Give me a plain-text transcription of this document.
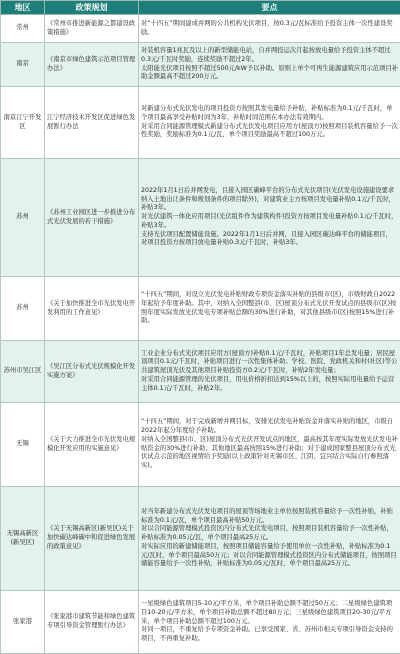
地区	政策规划	要点
常州	《常州市推进新能源之都建设政策措施》	对“十四五”期间建成并网的公共机构光伏项目，按0.3元/瓦标准给予投资主体一次性建设奖励。

南京	《南京市绿色建筑示范项目管理办法》	对装机容量1兆瓦及以上的新型储能电站，自并网投运次月起按放电量给予投资主体不超过0.3元/千瓦时奖励，连续奖励不超过2年。

太阳能光伏项目按照不超过500元/kW予以补助。原则上单个可再生能源建筑应用示范项目补助金额最高不超过200万元。

南京江宁开发区	江宁经济技术开发区促进绿色发展暂行办法	对新建分布式光伏发电的项目投资方按照其发电量给予补贴，补贴标准为0.1元/千瓦时，单个项目最高享受补贴时间为3年，补贴时间范围在本办法有效期内。

对采用合同能源管理模式新建分布式光伏发电项目应用方(屋顶方)按照项目装机容量给予一次性奖励，奖励标准为0.1元/瓦，单个项目奖励最高不超过100万元。

苏州	《苏州工业园区进一步推进分布式光伏发展的若干措施》	2022年1月1日后并网发电，且接入园区碳峰平台的分布式光伏项目(光伏发电设施建设要求纳入土地出让条件和规划条件的项目除外)，对建筑业主方按项目发电量补贴0.1元/千瓦时，补贴3年。

对光伏建筑一体化应用项目(光伏组件作为建筑构件)投资方按项目发电量补贴0.1元/千瓦时，补贴3年。

支持光伏项目配置储能设施。2022年1月1日后并网，且接入园区碳达峰平台的储能项目，对项目投资方按项目放电量补贴0.3元/千瓦时，补贴3年。

苏州	《关于加快推进全市光伏发电开发利用的工作意见》	“十四五”期间，对设立光伏发电补贴财政专项资金落实补贴的县级市(区)，市级财政自2022年起给予年度补助。其中，对纳入全国整县(市、区)屋顶分布式光伏开发试点的县级市(区)按照年度实际发放光伏发电专项补贴总额的30%进行补助，对其他县级市(区)按照15%进行补助。

苏州市吴江区	《吴江区分布式光伏规模化开发实施方案》	工业企业分布式光伏项目应用方(屋顶方)补贴0.1元/千瓦时，补贴项目1年总发电量；居民屋顶项目0.1元/千瓦时，补贴项目进行一次性集体补助；学校、医院、党政机关和村(社区)等公共建筑屋顶光伏及其他项目补贴投资方0.2元/千瓦时，补贴2年发电量；

对采用合同能源管理的光伏项目，用电价格折扣达到15%以上的，按照实际用电量给予运营主体0.1元/千瓦时，补贴2年。

无锡	《关于大力推进全市光伏发电规模化开发应用的实施意见》	“十四五”期间，对于完成新增并网目标，安排光伏发电补贴资金并落实补贴的地区，市级自2022年起分年度给予补助。

对纳入全国整县(市、区)屋顶分布式光伏开发试点的地区，最高按其年度实际发放光伏发电补贴资金的30%进行补助；其他地区最高按照15%进行补助；对于建成国家整县屋顶分布式光伏试点示范的地区视情给予奖励(以上政策针对无锡市区、江阴、宜兴结合实际自行参照落实)。

无锡高新区(新吴区)	《关于无锡高新区(新吴区)关于加快碳达峰碳中和促进绿色发展的政策意见》	对当年新建分布式光伏发电项目的屋顶等场地业主单位按照装机容量给予一次性补贴，补贴标准为0.1元/瓦，单个项目最高补贴50万元。

对以合同能源管理模式投资区内分布式光伏发电项目，按照项目装机容量给予一次性补贴，补贴标准为0.05元/瓦，单个项目最高25万元。

对实际应用的新建储能项目，按照项目储能容量给予使用单位一次性补贴，补贴标准为0.1元/瓦时，单个项目最高50万元；对以合同能源管理模式投资区内分布式储能项目，按照项目储能容量给予一次性补贴，补贴标准为0.05元/瓦时，单个项目最高25万元。

张家港	《张家港市建筑节能和绿色建筑专项引导资金管理暂行办法》	一星级绿色建筑项目5-10元/平方米，单个项目补助总额不超过50万元；二星级绿色建筑项目10-20元/平方米，单个项目补助总额不超过80万元；三星级绿色建筑项目20-30元/平方米，单个项目补助总额不超过100万元。

对同一项目，不重复给予专项资金补助。已享受国家、省、苏州市相关专项引导资金支持的项目，不再重复补助。
